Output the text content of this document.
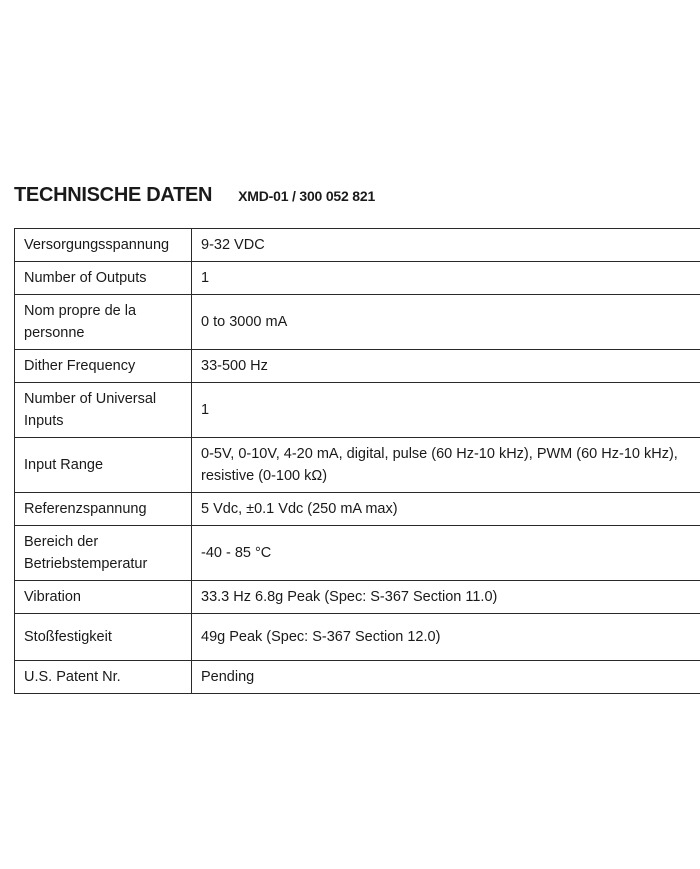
TECHNISCHE DATEN XMD-01 / 300 052 821
Versorgungsspannung	9-32 VDC
Number of Outputs	1
Nom propre de la personne	0 to 3000 mA
Dither Frequency	33-500 Hz
Number of Universal Inputs	1
Input Range	0-5V, 0-10V, 4-20 mA, digital, pulse (60 Hz-10 kHz), PWM (60 Hz-10 kHz), resistive (0-100 kΩ)
Referenzspannung	5 Vdc, ±0.1 Vdc (250 mA max)
Bereich der Betriebstemperatur	-40 - 85 °C
Vibration	33.3 Hz 6.8g Peak (Spec: S-367 Section 11.0)
Stoßfestigkeit	49g Peak (Spec: S-367 Section 12.0)
U.S. Patent Nr.	Pending
